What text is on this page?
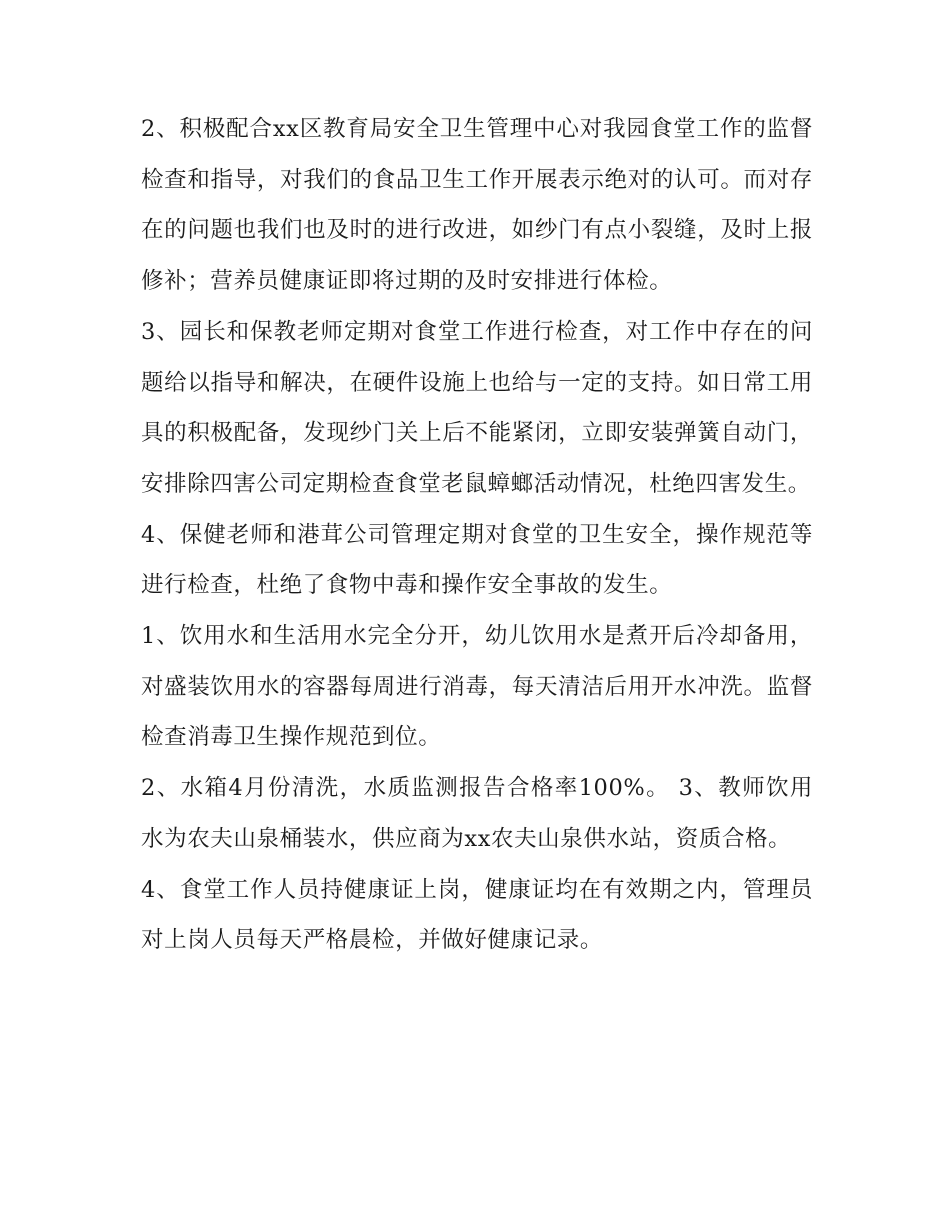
2、积极配合xx区教育局安全卫生管理中心对我园食堂工作的监督检查和指导，对我们的食品卫生工作开展表示绝对的认可。而对存在的问题也我们也及时的进行改进，如纱门有点小裂缝，及时上报修补；营养员健康证即将过期的及时安排进行体检。

3、园长和保教老师定期对食堂工作进行检查，对工作中存在的问题给以指导和解决，在硬件设施上也给与一定的支持。如日常工用具的积极配备，发现纱门关上后不能紧闭，立即安装弹簧自动门，安排除四害公司定期检查食堂老鼠蟑螂活动情况，杜绝四害发生。

4、保健老师和港茸公司管理定期对食堂的卫生安全，操作规范等进行检查，杜绝了食物中毒和操作安全事故的发生。

1、饮用水和生活用水完全分开，幼儿饮用水是煮开后冷却备用，对盛装饮用水的容器每周进行消毒，每天清洁后用开水冲洗。监督检查消毒卫生操作规范到位。

2、水箱4月份清洗，水质监测报告合格率100%。 3、教师饮用水为农夫山泉桶装水，供应商为xx农夫山泉供水站，资质合格。

4、食堂工作人员持健康证上岗，健康证均在有效期之内，管理员对上岗人员每天严格晨检，并做好健康记录。
